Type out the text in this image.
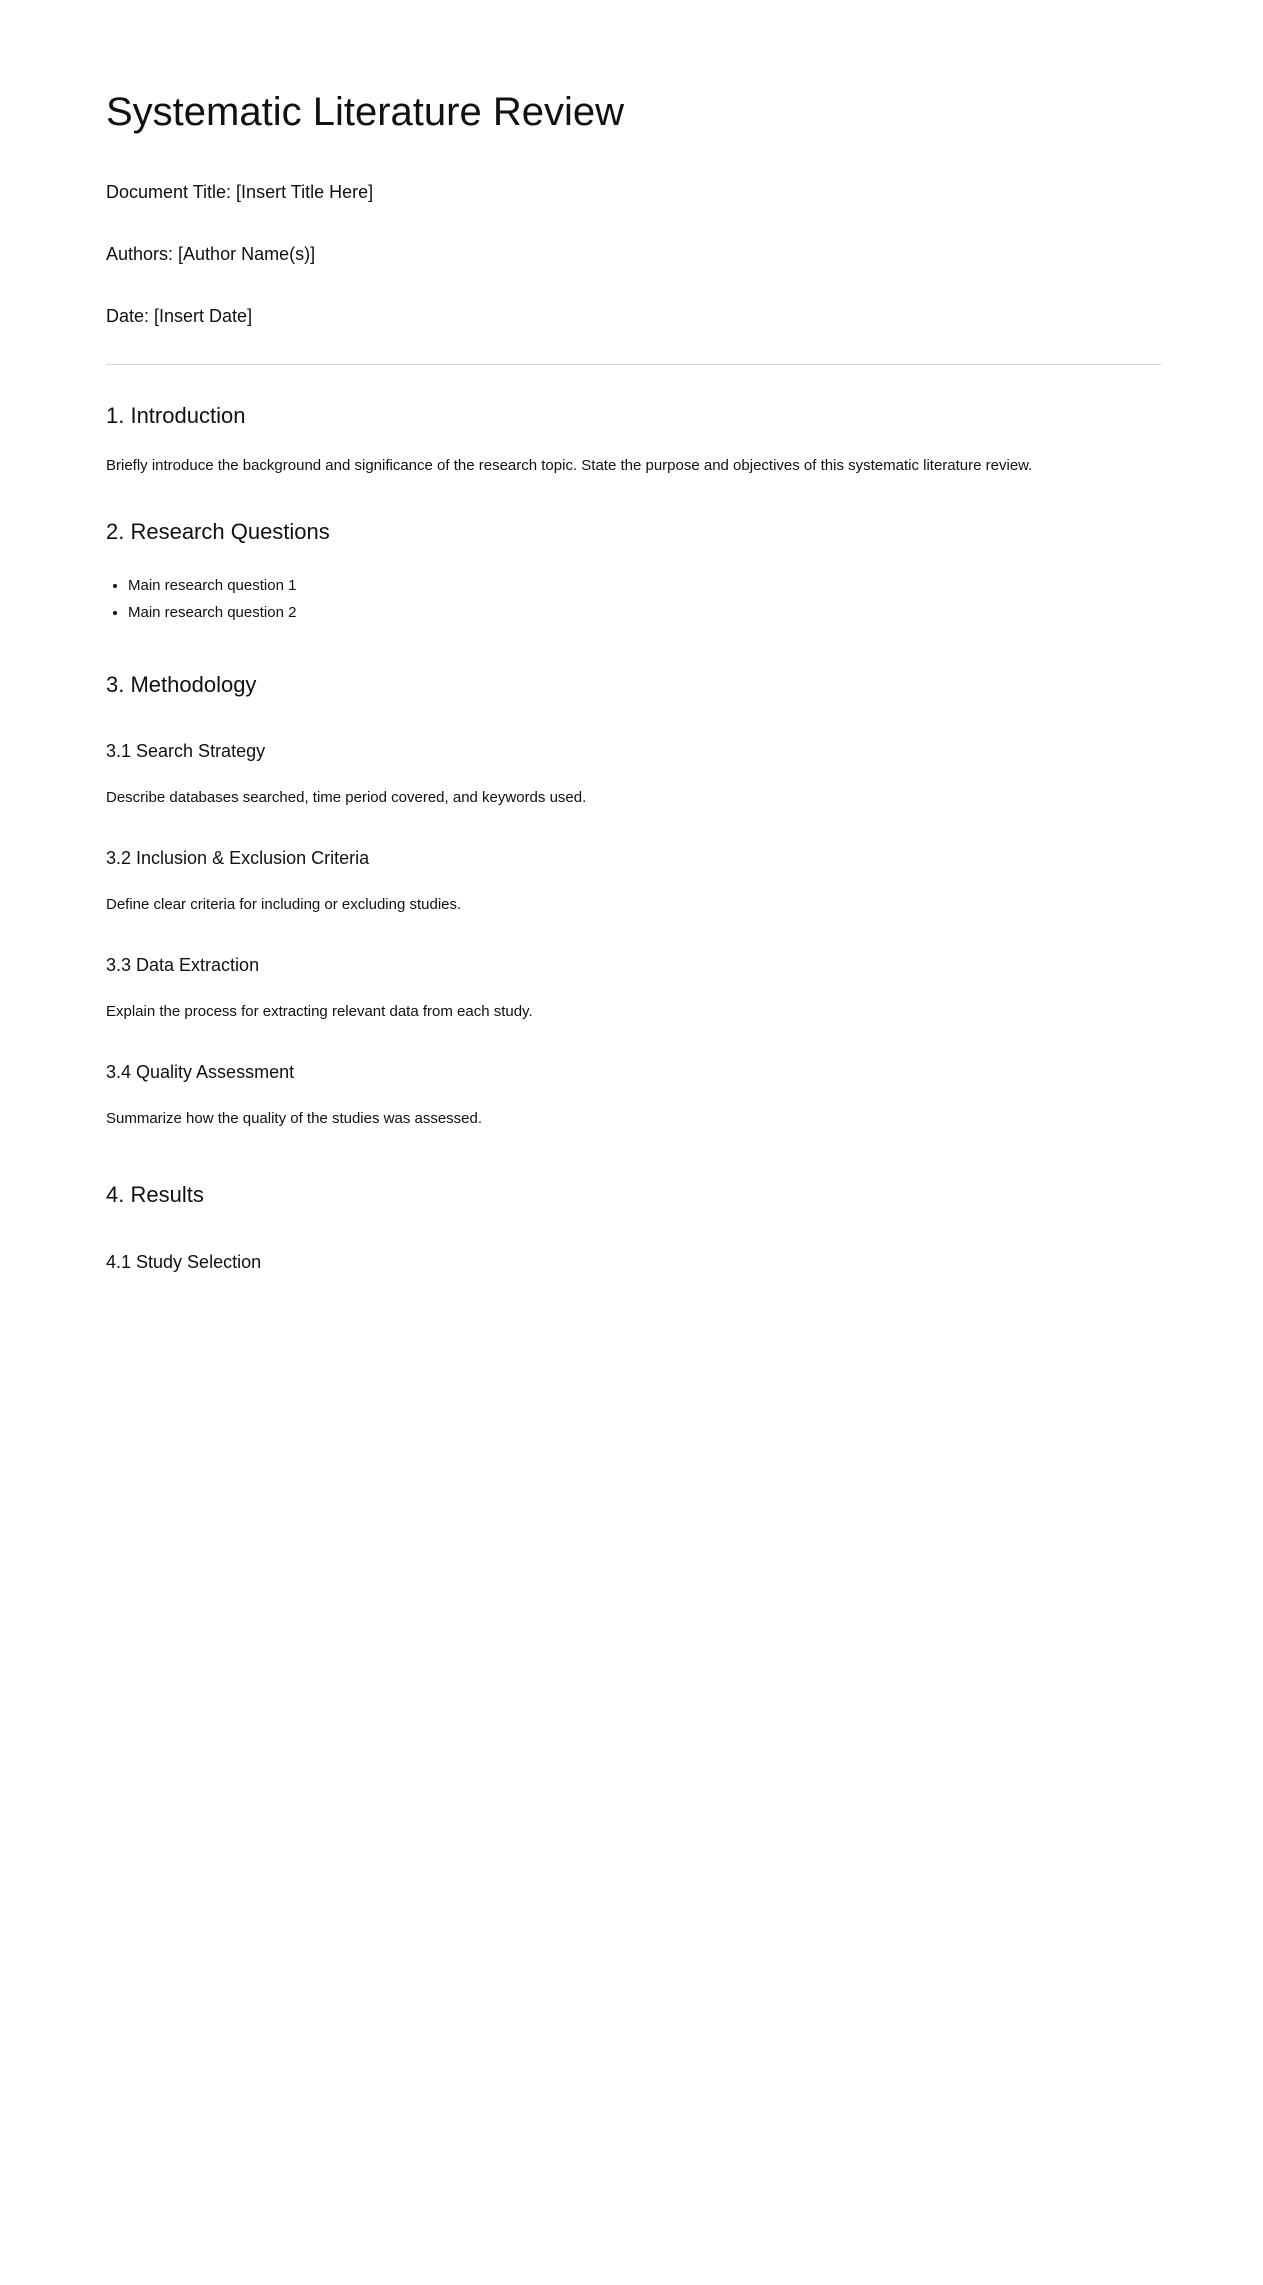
Systematic Literature Review

Document Title: [Insert Title Here]

Authors: [Author Name(s)]

Date: [Insert Date]

1. Introduction

Briefly introduce the background and significance of the research topic. State the purpose and objectives of this systematic literature review.

2. Research Questions
• Main research question 1
• Main research question 2
3. Methodology
3.1 Search Strategy

Describe databases searched, time period covered, and keywords used.

3.2 Inclusion & Exclusion Criteria

Define clear criteria for including or excluding studies.

3.3 Data Extraction

Explain the process for extracting relevant data from each study.

3.4 Quality Assessment

Summarize how the quality of the studies was assessed.

4. Results
4.1 Study Selection
